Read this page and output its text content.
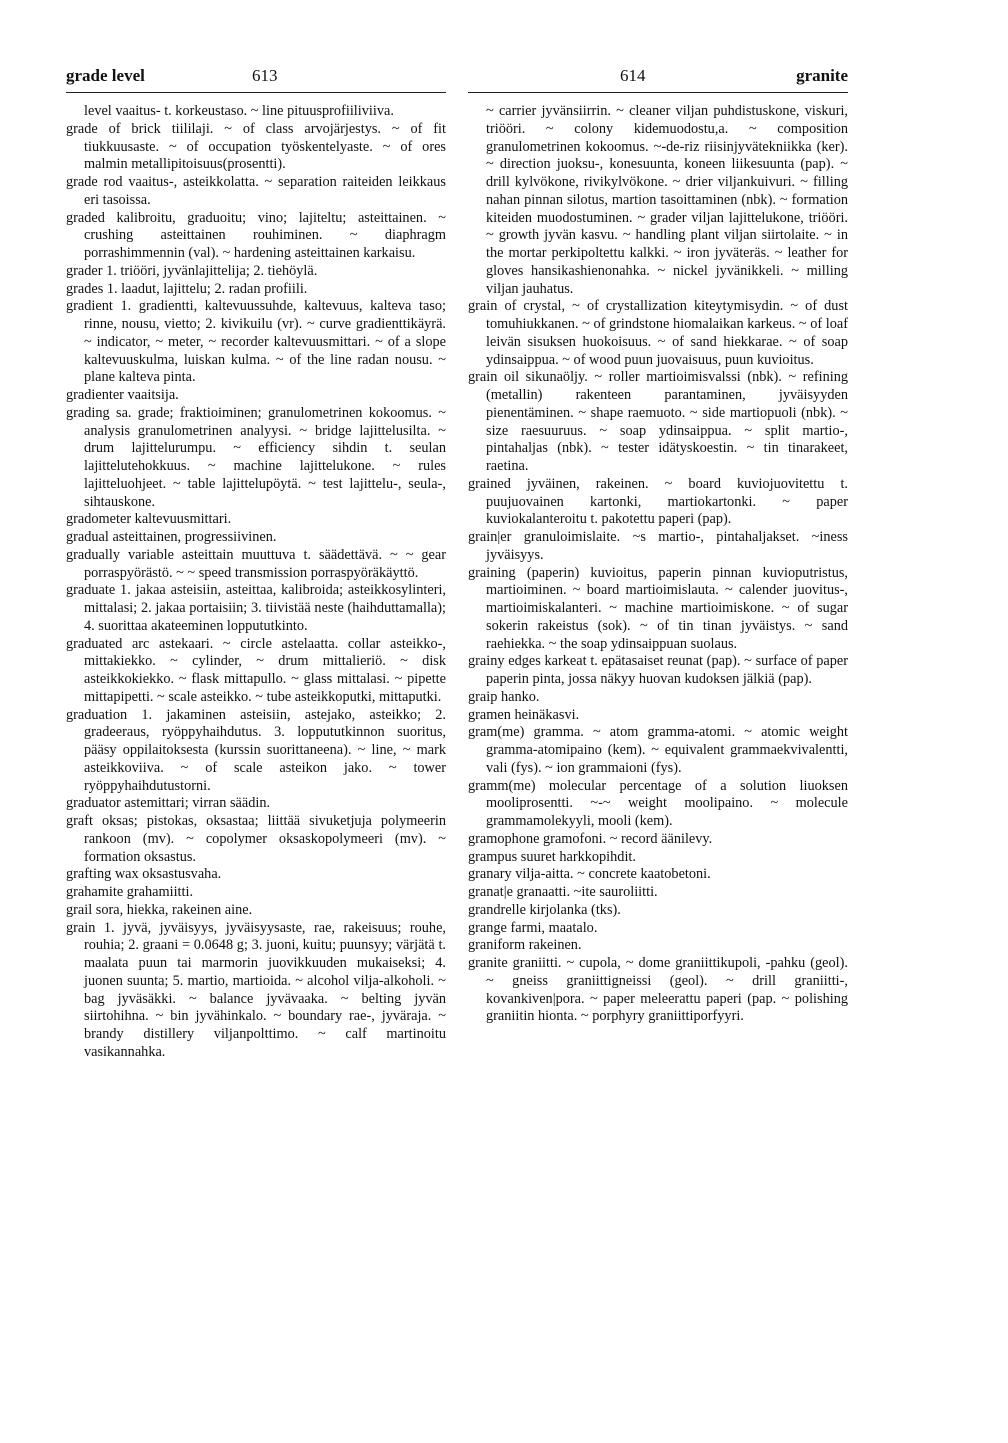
grade level	613
level vaaitus- t. korkeustaso. ~ line pituusprofiiliviiva.
grade of brick tiililaji. ~ of class arvojärjestys. ~ of fit tiukkuusaste. ~ of occupation työskentelyaste. ~ of ores malmin metallipitoisuus(prosentti).
grade rod vaaitus-, asteikkolatta. ~ separation raiteiden leikkaus eri tasoissa.
graded kalibroitu, graduoitu; vino; lajiteltu; asteittainen. ~ crushing asteittainen rouhiminen. ~ diaphragm porrashimmennin (val). ~ hardening asteittainen karkaisu.
grader 1. triööri, jyvänlajittelija; 2. tiehöylä.
grades 1. laadut, lajittelu; 2. radan profiili.
gradient 1. gradientti, kaltevuussuhde, kaltevuus, kalteva taso; rinne, nousu, vietto; 2. kivikuilu (vr). ~ curve gradienttikäyrä. ~ indicator, ~ meter, ~ recorder kaltevuusmittari. ~ of a slope kaltevuuskulma, luiskan kulma. ~ of the line radan nousu. ~ plane kalteva pinta.
gradienter vaaitsija.
grading sa. grade; fraktioiminen; granulometrinen kokoomus. ~ analysis granulometrinen analyysi. ~ bridge lajittelusilta. ~ drum lajittelurumpu. ~ efficiency sihdin t. seulan lajittelutehokkuus. ~ machine lajittelukone. ~ rules lajitteluohjeet. ~ table lajittelupöytä. ~ test lajittelu-, seula-, sihtauskone.
gradometer kaltevuusmittari.
gradual asteittainen, progressiivinen.
gradually variable asteittain muuttuva t. säädettävä. ~ ~ gear porraspyörästö. ~ ~ speed transmission porraspyöräkäyttö.
graduate 1. jakaa asteisiin, asteittaa, kalibroida; asteikkosylinteri, mittalasi; 2. jakaa portaisiin; 3. tiivistää neste (haihduttamalla); 4. suorittaa akateeminen loppututkinto.
graduated arc astekaari. ~ circle astelaatta. collar asteikko-, mittakiekko. ~ cylinder, ~ drum mittalieriö. ~ disk asteikkokiekko. ~ flask mittapullo. ~ glass mittalasi. ~ pipette mittapipetti. ~ scale asteikko. ~ tube asteikkoputki, mittaputki.
graduation 1. jakaminen asteisiin, astejako, asteikko; 2. gradeeraus, ryöppyhaihdutus. 3. loppututkinnon suoritus, pääsy oppilaitoksesta (kurssin suorittaneena). ~ line, ~ mark asteikkoviiva. ~ of scale asteikon jako. ~ tower ryöppyhaihdutustorni.
graduator astemittari; virran säädin.
graft oksas; pistokas, oksastaa; liittää sivuketjuja polymeerin rankoon (mv). ~ copolymer oksaskopolymeeri (mv). ~ formation oksastus.
grafting wax oksastusvaha.
grahamite grahamiitti.
grail sora, hiekka, rakeinen aine.
grain 1. jyvä, jyväisyys, jyväisyysaste, rae, rakeisuus; rouhe, rouhia; 2. graani = 0.0648 g; 3. juoni, kuitu; puunsyy; värjätä t. maalata puun tai marmorin juovikkuuden mukaiseksi; 4. juonen suunta; 5. martio, martioida. ~ alcohol vilja-alkoholi. ~ bag jyväsäkki. ~ balance jyvävaaka. ~ belting jyvän siirtohihna. ~ bin jyvähinkalo. ~ boundary rae-, jyväraja. ~ brandy distillery viljanpolttimo. ~ calf martinoitu vasikannahka.
614	granite
~ carrier jyvänsiirrin. ~ cleaner viljan puhdistuskone, viskuri, triööri. ~ colony kidemuodostu,a. ~ composition granulometrinen kokoomus. ~-de-riz riisinjyvätekniikka (ker). ~ direction juoksu-, konesuunta, koneen liikesuunta (pap). ~ drill kylvökone, rivikylvökone. ~ drier viljankuivuri. ~ filling nahan pinnan silotus, martion tasoittaminen (nbk). ~ formation kiteiden muodostuminen. ~ grader viljan lajittelukone, triööri. ~ growth jyvän kasvu. ~ handling plant viljan siirtolaite. ~ in the mortar perkipoltettu kalkki. ~ iron jyväteräs. ~ leather for gloves hansikashienonahka. ~ nickel jyvänikkeli. ~ milling viljan jauhatus.
grain of crystal, ~ of crystallization kiteytymisydin. ~ of dust tomuhiukkanen. ~ of grindstone hiomalaikan karkeus. ~ of loaf leivän sisuksen huokoisuus. ~ of sand hiekkarae. ~ of soap ydinsaippua. ~ of wood puun juovaisuus, puun kuvioitus.
grain oil sikunaöljy. ~ roller martioimisvalssi (nbk). ~ refining (metallin) rakenteen parantaminen, jyväisyyden pienentäminen. ~ shape raemuoto. ~ side martiopuoli (nbk). ~ size raesuuruus. ~ soap ydinsaippua. ~ split martio-, pintahaljas (nbk). ~ tester idätyskoestin. ~ tin tinarakeet, raetina.
grained jyväinen, rakeinen. ~ board kuviojuovitettu t. puujuovainen kartonki, martiokartonki. ~ paper kuviokalanteroitu t. pakotettu paperi (pap).
grain|er granuloimislaite. ~s martio-, pintahaljakset. ~iness jyväisyys.
graining (paperin) kuvioitus, paperin pinnan kuvioputristus, martioiminen. ~ board martioimislauta. ~ calender juovitus-, martioimiskalanteri. ~ machine martioimiskone. ~ of sugar sokerin rakeistus (sok). ~ of tin tinan jyväistys. ~ sand raehiekka. ~ the soap ydinsaippuan suolaus.
grainy edges karkeat t. epätasaiset reunat (pap). ~ surface of paper paperin pinta, jossa näkyy huovan kudoksen jälkiä (pap).
graip hanko.
gramen heinäkasvi.
gram(me) gramma. ~ atom gramma-atomi. ~ atomic weight gramma-atomipaino (kem). ~ equivalent grammaekvivalentti, vali (fys). ~ ion grammaioni (fys).
gramm(me) molecular percentage of a solution liuoksen mooliprosentti. ~-~ weight moolipaino. ~ molecule grammamolekyyli, mooli (kem).
gramophone gramofoni. ~ record äänilevy.
grampus suuret harkkopihdit.
granary vilja-aitta. ~ concrete kaatobetoni.
granat|e granaatti. ~ite sauroliitti.
grandrelle kirjolanka (tks).
grange farmi, maatalo.
graniform rakeinen.
granite graniitti. ~ cupola, ~ dome graniittikupoli, -pahku (geol). ~ gneiss graniittigneissi (geol). ~ drill graniitti-, kovankiven|pora. ~ paper meleerattu paperi (pap. ~ polishing graniitin hionta. ~ porphyry graniittiporfyyri.
